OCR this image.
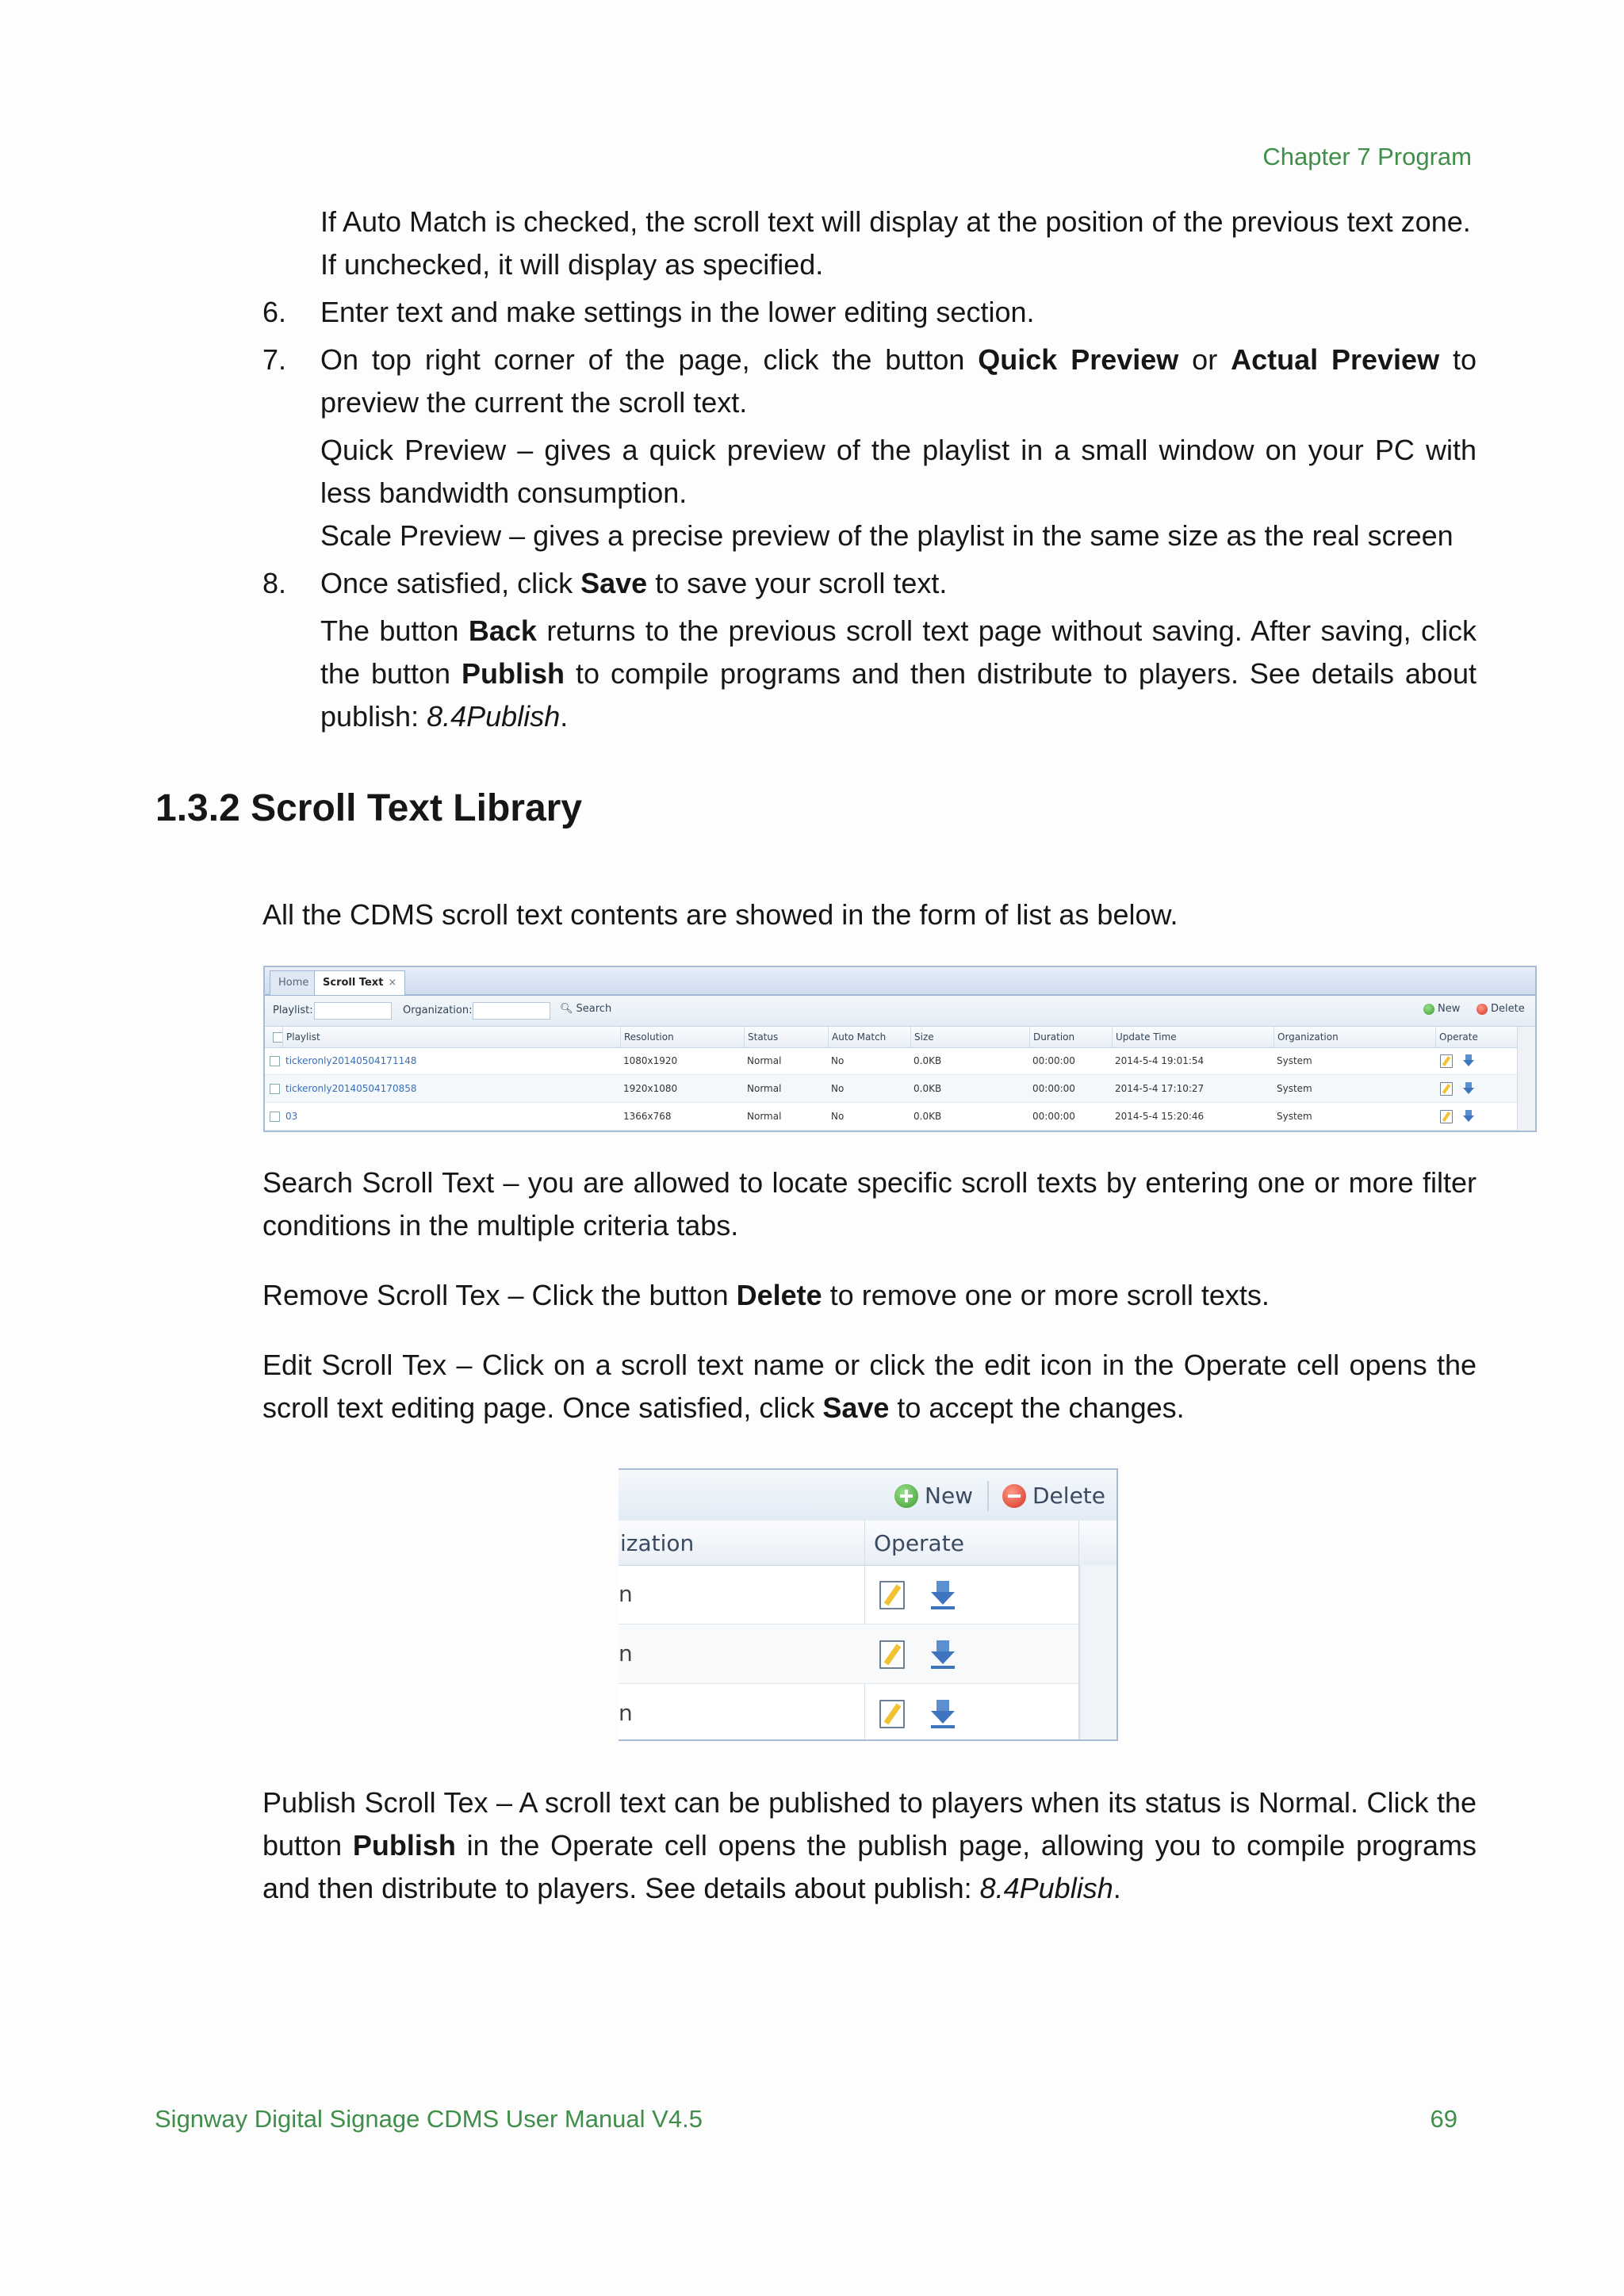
Chapter 7 Program
If Auto Match is checked, the scroll text will display at the position of the previous text zone.
If unchecked, it will display as specified.
6. Enter text and make settings in the lower editing section.
7. On top right corner of the page, click the button Quick Preview or Actual Preview to preview the current the scroll text.
Quick Preview – gives a quick preview of the playlist in a small window on your PC with less bandwidth consumption.
Scale Preview – gives a precise preview of the playlist in the same size as the real screen
8. Once satisfied, click Save to save your scroll text.
The button Back returns to the previous scroll text page without saving. After saving, click the button Publish to compile programs and then distribute to players. See details about publish: 8.4Publish.
1.3.2 Scroll Text Library
All the CDMS scroll text contents are showed in the form of list as below.
Home	Scroll Text ×
Playlist:	Organization:	🔍︎ Search	New	Delete
Playlist	Resolution	Status	Auto Match	Size	Duration	Update Time	Organization	Operate
tickeronly20140504171148	1080x1920	Normal	No	0.0KB	00:00:00	2014-5-4 19:01:54	System
tickeronly20140504170858	1920x1080	Normal	No	0.0KB	00:00:00	2014-5-4 17:10:27	System
03	1366x768	Normal	No	0.0KB	00:00:00	2014-5-4 15:20:46	System
Search Scroll Text – you are allowed to locate specific scroll texts by entering one or more filter conditions in the multiple criteria tabs.
Remove Scroll Tex – Click the button Delete to remove one or more scroll texts.
Edit Scroll Tex – Click on a scroll text name or click the edit icon in the Operate cell opens the scroll text editing page. Once satisfied, click Save to accept the changes.
New	Delete
ization	Operate
n
n
n
Publish Scroll Tex – A scroll text can be published to players when its status is Normal. Click the button Publish in the Operate cell opens the publish page, allowing you to compile programs and then distribute to players. See details about publish: 8.4Publish.
Signway Digital Signage CDMS User Manual V4.5	69
